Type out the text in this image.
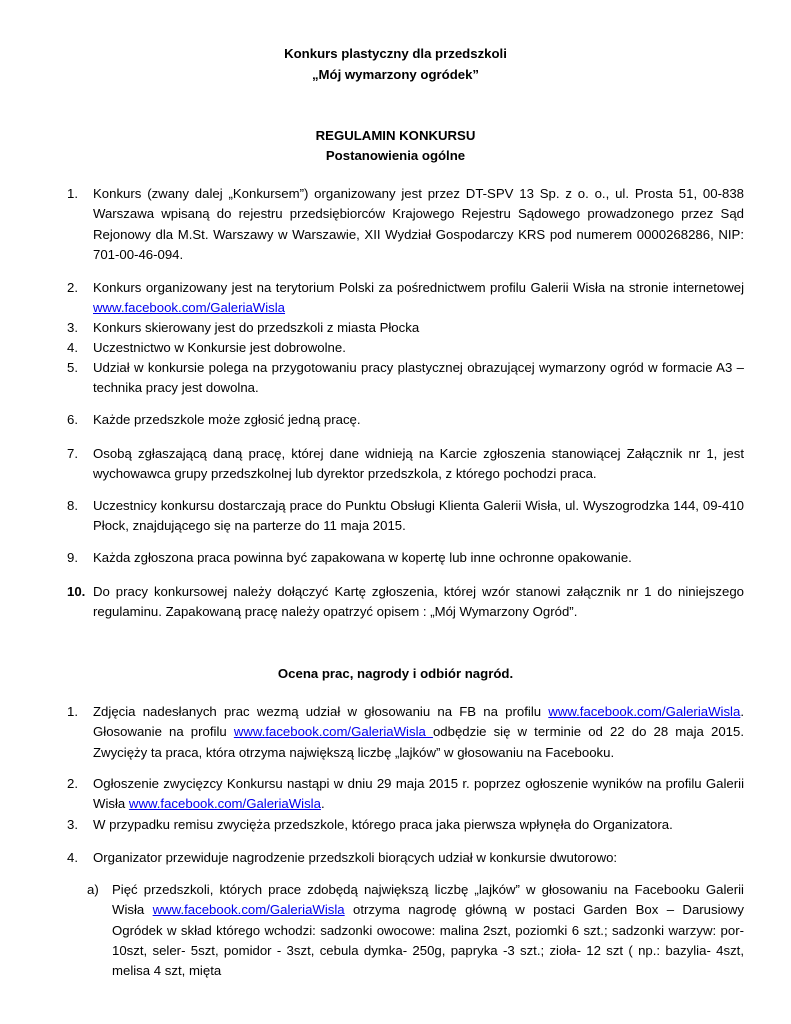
Konkurs plastyczny dla przedszkoli
„Mój wymarzony ogródek”
REGULAMIN KONKURSU
Postanowienia ogólne
1. Konkurs (zwany dalej „Konkursem”) organizowany jest przez DT-SPV 13 Sp. z o. o., ul. Prosta 51, 00-838 Warszawa wpisaną do rejestru przedsiębiorców Krajowego Rejestru Sądowego prowadzonego przez Sąd Rejonowy dla M.St. Warszawy w Warszawie, XII Wydział Gospodarczy KRS pod numerem 0000268286, NIP: 701-00-46-094.
2. Konkurs organizowany jest na terytorium Polski za pośrednictwem profilu Galerii Wisła na stronie internetowej www.facebook.com/GaleriaWisla
3. Konkurs skierowany jest do przedszkoli z miasta Płocka
4. Uczestnictwo w Konkursie jest dobrowolne.
5. Udział w konkursie polega na przygotowaniu pracy plastycznej obrazującej wymarzony ogród w formacie A3 – technika pracy jest dowolna.
6. Każde przedszkole może zgłosić jedną pracę.
7. Osobą zgłaszającą daną pracę, której dane widnieją na Karcie zgłoszenia stanowiącej Załącznik nr 1, jest wychowawca grupy przedszkolnej lub dyrektor przedszkola, z którego pochodzi praca.
8. Uczestnicy konkursu dostarczają prace do Punktu Obsługi Klienta Galerii Wisła, ul. Wyszogrodzka 144, 09-410 Płock, znajdującego się na parterze do 11 maja 2015.
9. Każda zgłoszona praca powinna być zapakowana w kopertę lub inne ochronne opakowanie.
10. Do pracy konkursowej należy dołączyć Kartę zgłoszenia, której wzór stanowi załącznik nr 1 do niniejszego regulaminu. Zapakowaną pracę należy opatrzyć opisem : „Mój Wymarzony Ogród”.
Ocena prac, nagrody i odbiór nagród.
1. Zdjęcia nadesłanych prac wezmą udział w głosowaniu na FB na profilu www.facebook.com/GaleriaWisla. Głosowanie na profilu www.facebook.com/GaleriaWisla odbędzie się w terminie od 22 do 28 maja 2015. Zwycięży ta praca, która otrzyma największą liczbę „lajków” w głosowaniu na Facebooku.
2. Ogłoszenie zwycięzcy Konkursu nastąpi w dniu 29 maja 2015 r. poprzez ogłoszenie wyników na profilu Galerii Wisła www.facebook.com/GaleriaWisla.
3. W przypadku remisu zwycięża przedszkole, którego praca jaka pierwsza wpłynęła do Organizatora.
4. Organizator przewiduje nagrodzenie przedszkoli biorących udział w konkursie dwutorowo:
a) Pięć przedszkoli, których prace zdobędą największą liczbę „lajków” w głosowaniu na Facebooku Galerii Wisła www.facebook.com/GaleriaWisla otrzyma nagrodę główną w postaci Garden Box – Darusiowy Ogródek w skład którego wchodzi: sadzonki owocowe: malina 2szt, poziomki 6 szt.; sadzonki warzyw: por- 10szt, seler- 5szt, pomidor - 3szt, cebula dymka- 250g, papryka -3 szt.; zioła- 12 szt ( np.: bazylia- 4szt, melisa 4 szt, mięta
